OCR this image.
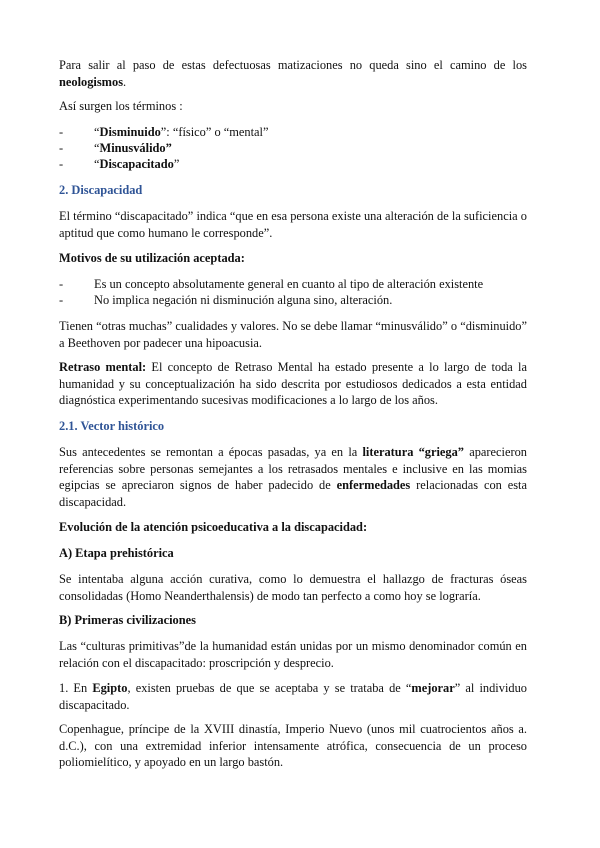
Para salir al paso de estas defectuosas matizaciones no queda sino el camino de los neologismos.

Así surgen los términos :

- “Disminuido”: “físico” o “mental”
- “Minusválido”
- “Discapacitado”

2. Discapacidad

El término “discapacitado” indica “que en esa persona existe una alteración de la suficiencia o aptitud que como humano le corresponde”.

Motivos de su utilización aceptada:

- Es un concepto absolutamente general en cuanto al tipo de alteración existente
- No implica negación ni disminución alguna sino, alteración.

Tienen “otras muchas” cualidades y valores. No se debe llamar “minusválido” o “disminuido” a Beethoven por padecer una hipoacusia.

Retraso mental: El concepto de Retraso Mental ha estado presente a lo largo de toda la humanidad y su conceptualización ha sido descrita por estudiosos dedicados a esta entidad diagnóstica experimentando sucesivas modificaciones a lo largo de los años.

2.1. Vector histórico

Sus antecedentes se remontan a épocas pasadas, ya en la literatura “griega” aparecieron referencias sobre personas semejantes a los retrasados mentales e inclusive en las momias egipcias se apreciaron signos de haber padecido de enfermedades relacionadas con esta discapacidad.

Evolución de la atención psicoeducativa a la discapacidad:

A) Etapa prehistórica

Se intentaba alguna acción curativa, como lo demuestra el hallazgo de fracturas óseas consolidadas (Homo Neanderthalensis) de modo tan perfecto a como hoy se lograría.

B) Primeras civilizaciones

Las “culturas primitivas”de la humanidad están unidas por un mismo denominador común en relación con el discapacitado: proscripción y desprecio.

1. En Egipto, existen pruebas de que se aceptaba y se trataba de “mejorar” al individuo discapacitado.

Copenhague, príncipe de la XVIII dinastía, Imperio Nuevo (unos mil cuatrocientos años a. d.C.), con una extremidad inferior intensamente atrófica, consecuencia de un proceso poliomielítico, y apoyado en un largo bastón.
